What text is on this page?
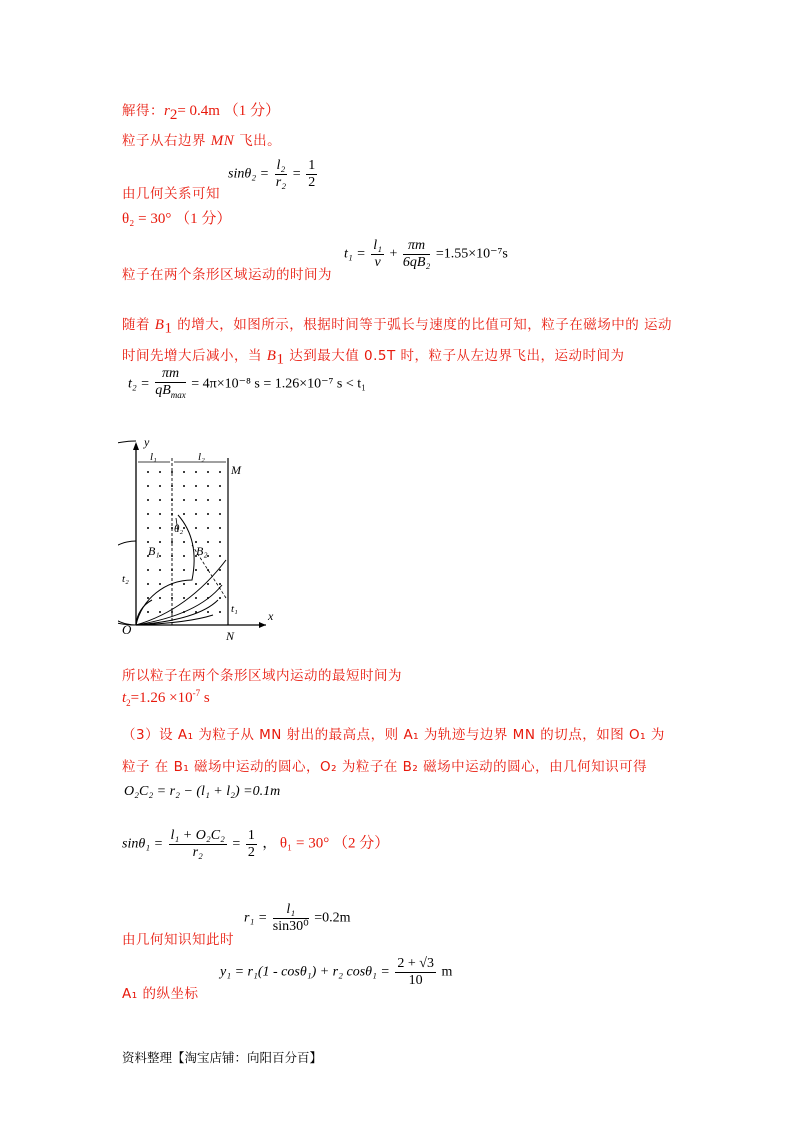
解得：$r_2= 0.4m$ （1 分）
粒子从右边界 MN 飞出。
由几何关系可知
$\sin\theta_2 = \frac{\text{l₂}}{\text{r₂}} = \frac{1}{2}$
θ₂ = 30° （1 分）
粒子在两个条形区域运动的时间为
$t_1 = \frac{\text{l₁}}{v} + \frac{\pi m}{\text{6qB₂}} =1.55\times 10^{-7}s$
随着 $B_1$ 的增大，如图所示，根据时间等于弧长与速度的比值可知，粒子在磁场中的 运动
时间先增大后减小，当 $B_1$ 达到最大值 0.5T 时，粒子从左边界飞出，运动时间为
$t_2 = \frac{\pi m}{qB_{max}} = 4\pi\times 10^{-8}$ s = 1.26×10⁻⁷ s < t₁
y
x
O
l₁	l₂
M
N
θ₂
B₁	B₂
t₁
t₂
所以粒子在两个条形区域内运动的最短时间为
$t_2=1.26 \times 10^{-7}$ s
（3）设 A₁ 为粒子从 MN 射出的最高点，则 A₁ 为轨迹与边界 MN 的切点，如图 O₁ 为
粒子 在 B₁ 磁场中运动的圆心，O₂ 为粒子在 B₂ 磁场中运动的圆心，由几何知识可得
O₂C₂ = r₂ − (l₁ + l₂) =0.1m
$\sin\theta_1 = \frac{\text{l₁ + O₂C₂}}{\text{r₂}} = \frac{1}{2}$ ， θ₁ = 30° （2 分）
由几何知识知此时
$r_1 = \frac{\text{l₁}}{\text{sin30⁰}} =0.2m$
A₁ 的纵坐标
y₁ = r₁(1 - cosθ₁) + r₂ $\cos\theta_1 = \frac{2 + √3}{10}$ m
资料整理【淘宝店铺：向阳百分百】
